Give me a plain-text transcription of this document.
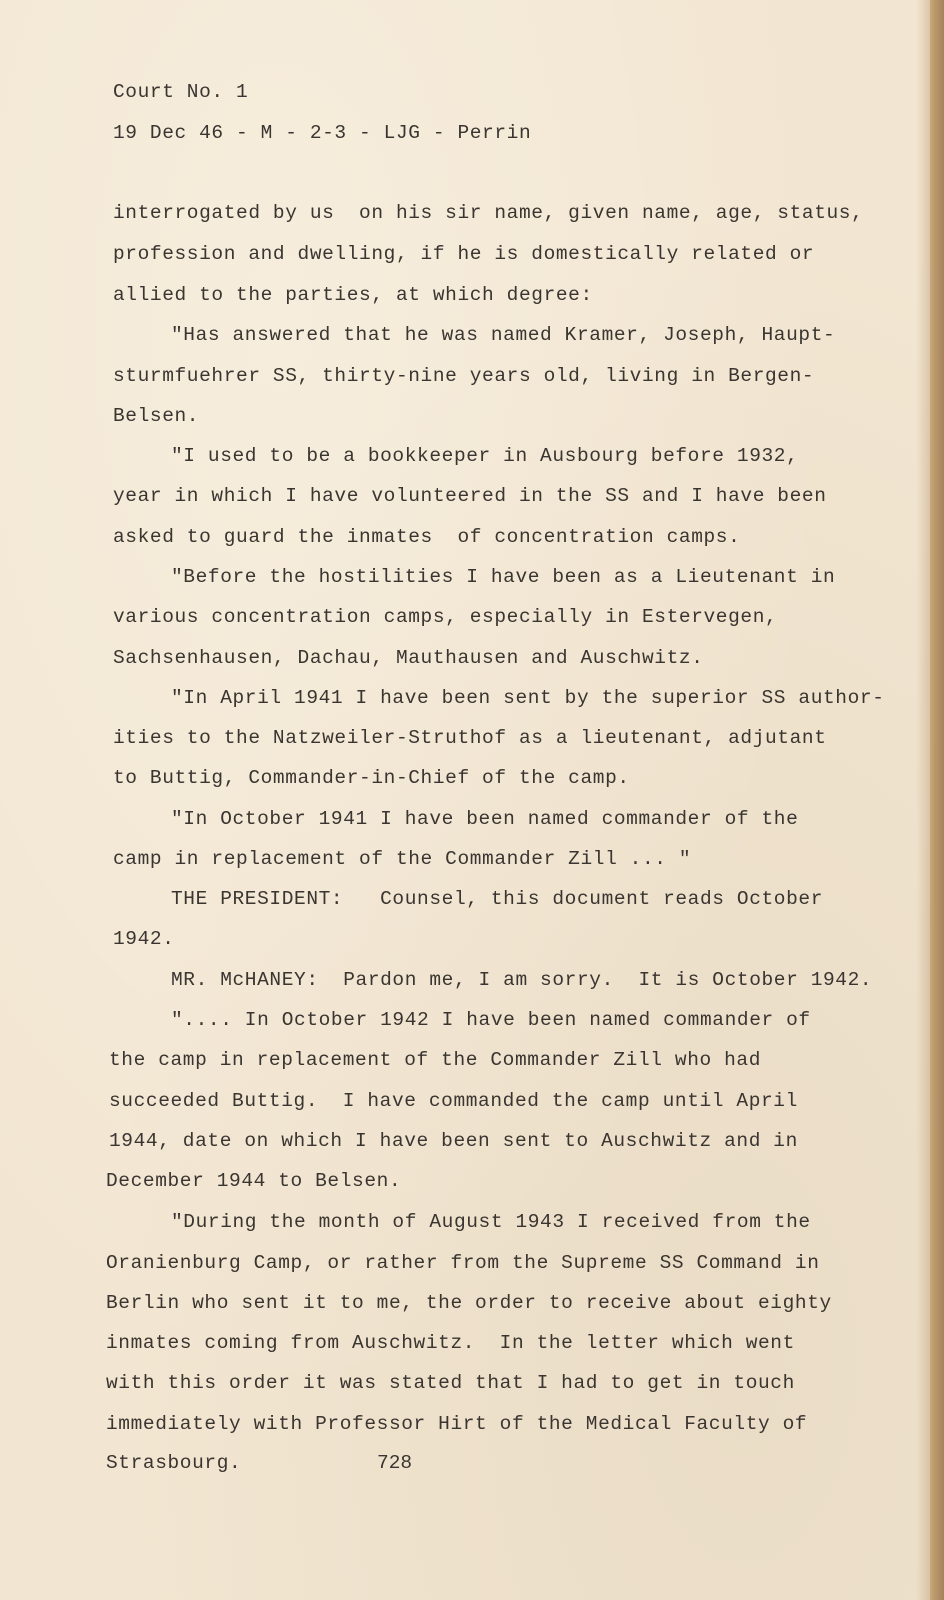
Court No. 1

19 Dec 46 - M - 2-3 - LJG - Perrin

interrogated by us  on his sir name, given name, age, status,

profession and dwelling, if he is domestically related or

allied to the parties, at which degree:

"Has answered that he was named Kramer, Joseph, Haupt-

sturmfuehrer SS, thirty-nine years old, living in Bergen-

Belsen.

"I used to be a bookkeeper in Ausbourg before 1932,

year in which I have volunteered in the SS and I have been

asked to guard the inmates  of concentration camps.

"Before the hostilities I have been as a Lieutenant in

various concentration camps, especially in Estervegen,

Sachsenhausen, Dachau, Mauthausen and Auschwitz.

"In April 1941 I have been sent by the superior SS author-

ities to the Natzweiler-Struthof as a lieutenant, adjutant

to Buttig, Commander-in-Chief of the camp.

"In October 1941 I have been named commander of the

camp in replacement of the Commander Zill ... "

THE PRESIDENT:   Counsel, this document reads October

1942.

MR. McHANEY:  Pardon me, I am sorry.  It is October 1942.

".... In October 1942 I have been named commander of

the camp in replacement of the Commander Zill who had

succeeded Buttig.  I have commanded the camp until April

1944, date on which I have been sent to Auschwitz and in

December 1944 to Belsen.

"During the month of August 1943 I received from the

Oranienburg Camp, or rather from the Supreme SS Command in

Berlin who sent it to me, the order to receive about eighty

inmates coming from Auschwitz.  In the letter which went

with this order it was stated that I had to get in touch

immediately with Professor Hirt of the Medical Faculty of

Strasbourg.	728
